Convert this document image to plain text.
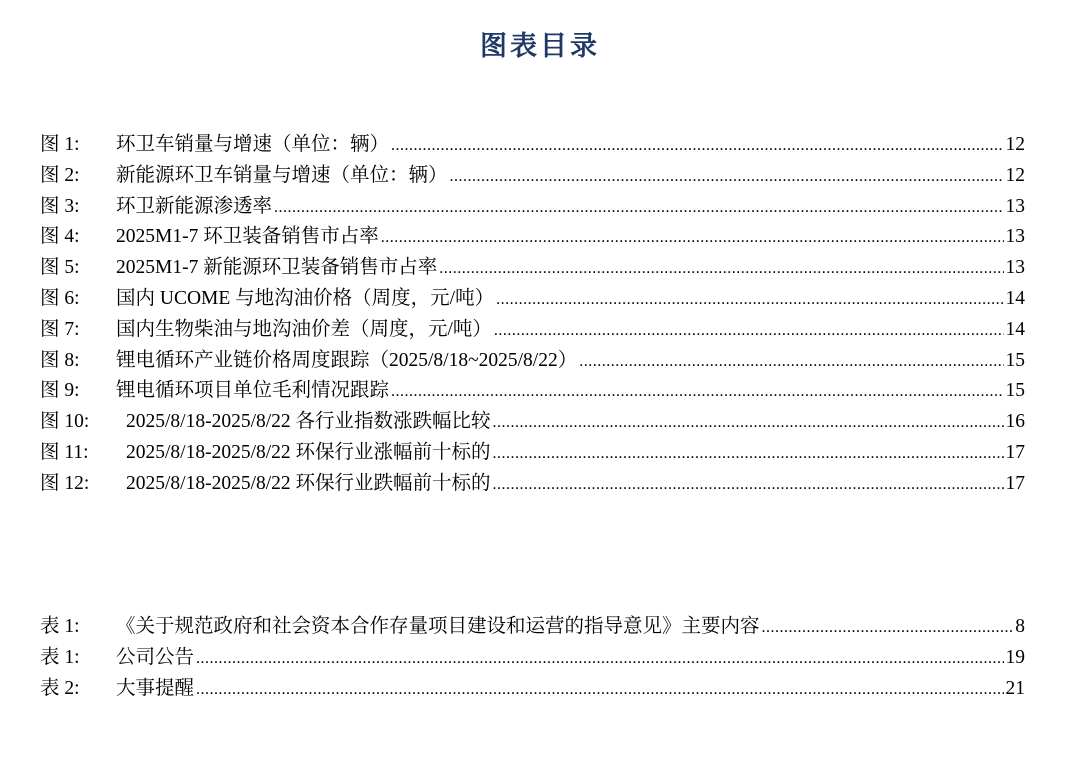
图表目录
图 1:	环卫车销量与增速（单位：辆） .....	12
图 2:	新能源环卫车销量与增速（单位：辆） .....	12
图 3:	环卫新能源渗透率 .....	13
图 4:	2025M1-7 环卫装备销售市占率 .....	13
图 5:	2025M1-7 新能源环卫装备销售市占率 .....	13
图 6:	国内 UCOME 与地沟油价格（周度，元/吨） .....	14
图 7:	国内生物柴油与地沟油价差（周度，元/吨） .....	14
图 8:	锂电循环产业链价格周度跟踪（2025/8/18~2025/8/22） .....	15
图 9:	锂电循环项目单位毛利情况跟踪 .....	15
图 10:	2025/8/18-2025/8/22 各行业指数涨跌幅比较 .....	16
图 11:	2025/8/18-2025/8/22 环保行业涨幅前十标的 .....	17
图 12:	2025/8/18-2025/8/22 环保行业跌幅前十标的 .....	17
表 1:	《关于规范政府和社会资本合作存量项目建设和运营的指导意见》主要内容 .....	8
表 1:	公司公告 .....	19
表 2:	大事提醒 .....	21
